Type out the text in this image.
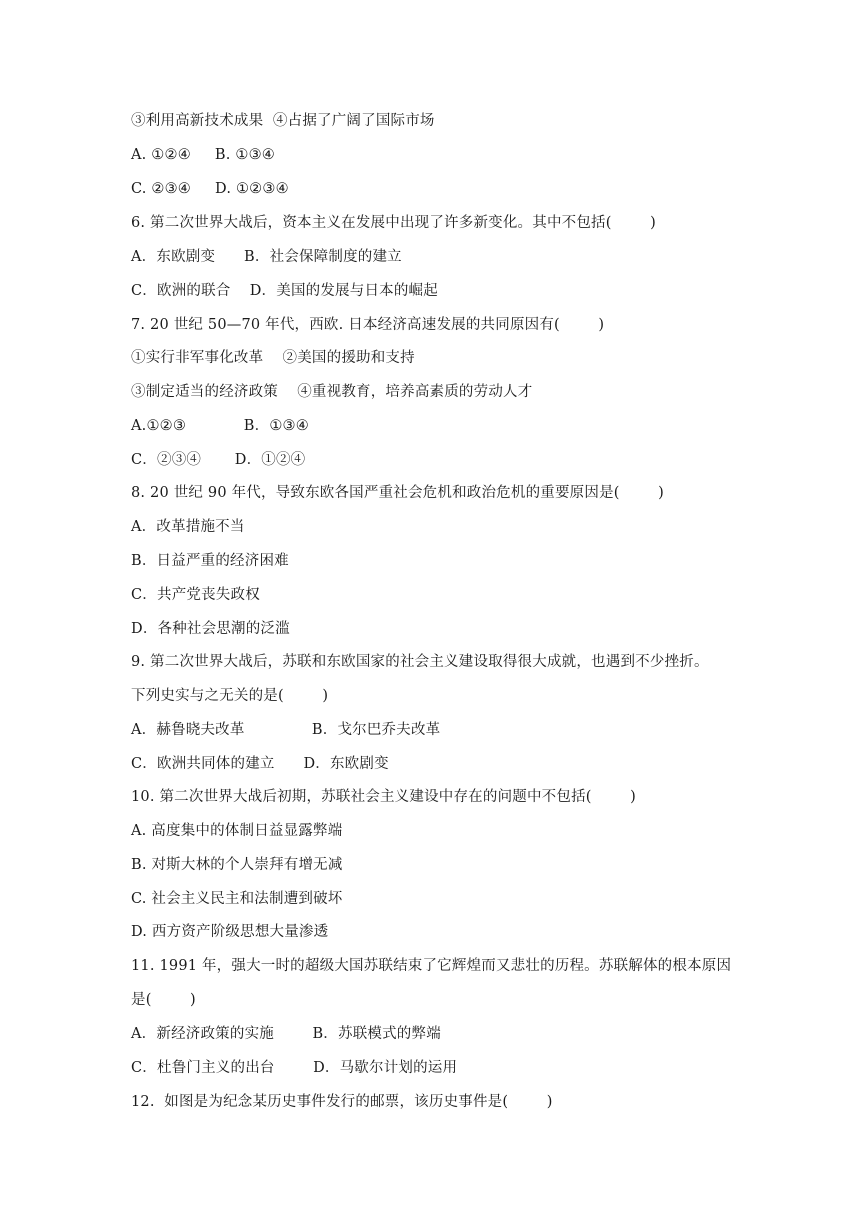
③利用高新技术成果  ④占据了广阔了国际市场
A. ①②④     B. ①③④
C. ②③④     D. ①②③④
6. 第二次世界大战后，资本主义在发展中出现了许多新变化。其中不包括(        )
A．东欧剧变      B．社会保障制度的建立
C．欧洲的联合    D．美国的发展与日本的崛起
7. 20 世纪 50—70 年代，西欧. 日本经济高速发展的共同原因有(        )
①实行非军事化改革    ②美国的援助和支持
③制定适当的经济政策    ④重视教育，培养高素质的劳动人才
A.①②③            B．①③④
C．②③④       D．①②④
8. 20 世纪 90 年代，导致东欧各国严重社会危机和政治危机的重要原因是(        )
A．改革措施不当
B．日益严重的经济困难
C．共产党丧失政权
D．各种社会思潮的泛滥
9. 第二次世界大战后，苏联和东欧国家的社会主义建设取得很大成就，也遇到不少挫折。
下列史实与之无关的是(        )
A．赫鲁晓夫改革              B．戈尔巴乔夫改革
C．欧洲共同体的建立      D．东欧剧变
10. 第二次世界大战后初期，苏联社会主义建设中存在的问题中不包括(        )
A. 高度集中的体制日益显露弊端
B. 对斯大林的个人崇拜有增无减
C. 社会主义民主和法制遭到破坏
D. 西方资产阶级思想大量渗透
11. 1991 年，强大一时的超级大国苏联结束了它辉煌而又悲壮的历程。苏联解体的根本原因
是(        )
A．新经济政策的实施        B．苏联模式的弊端
C．杜鲁门主义的出台        D．马歇尔计划的运用
12.  如图是为纪念某历史事件发行的邮票，该历史事件是(        )
